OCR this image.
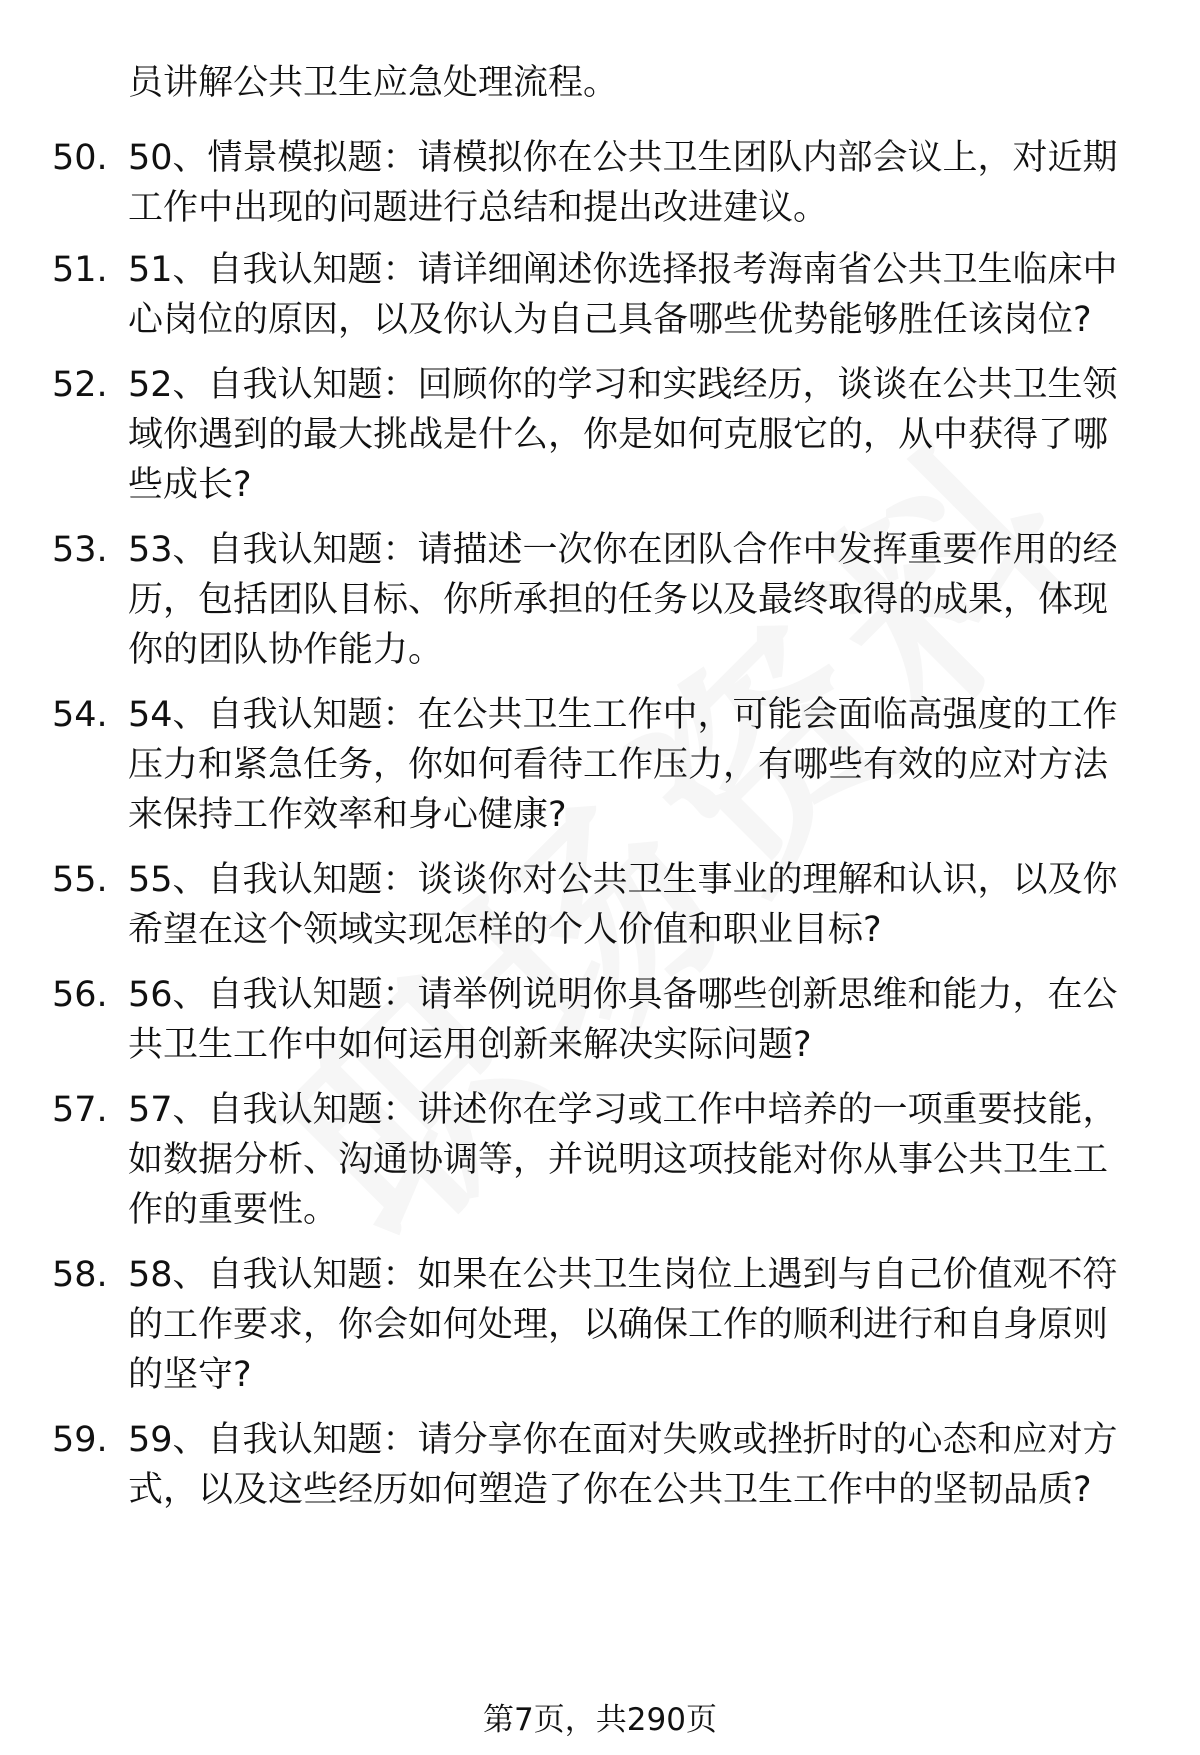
员讲解公共卫生应急处理流程。
50. 50、情景模拟题：请模拟你在公共卫生团队内部会议上，对近期
工作中出现的问题进行总结和提出改进建议。
51. 51、自我认知题：请详细阐述你选择报考海南省公共卫生临床中
心岗位的原因，以及你认为自己具备哪些优势能够胜任该岗位?
52. 52、自我认知题：回顾你的学习和实践经历，谈谈在公共卫生领
域你遇到的最大挑战是什么，你是如何克服它的，从中获得了哪
些成长?
53. 53、自我认知题：请描述一次你在团队合作中发挥重要作用的经
历，包括团队目标、你所承担的任务以及最终取得的成果，体现
你的团队协作能力。
54. 54、自我认知题：在公共卫生工作中，可能会面临高强度的工作
压力和紧急任务，你如何看待工作压力，有哪些有效的应对方法
来保持工作效率和身心健康?
55. 55、自我认知题：谈谈你对公共卫生事业的理解和认识，以及你
希望在这个领域实现怎样的个人价值和职业目标?
56. 56、自我认知题：请举例说明你具备哪些创新思维和能力，在公
共卫生工作中如何运用创新来解决实际问题?
57. 57、自我认知题：讲述你在学习或工作中培养的一项重要技能，
如数据分析、沟通协调等，并说明这项技能对你从事公共卫生工
作的重要性。
58. 58、自我认知题：如果在公共卫生岗位上遇到与自己价值观不符
的工作要求，你会如何处理，以确保工作的顺利进行和自身原则
的坚守?
59. 59、自我认知题：请分享你在面对失败或挫折时的心态和应对方
式，以及这些经历如何塑造了你在公共卫生工作中的坚韧品质?
第7页，共290页
